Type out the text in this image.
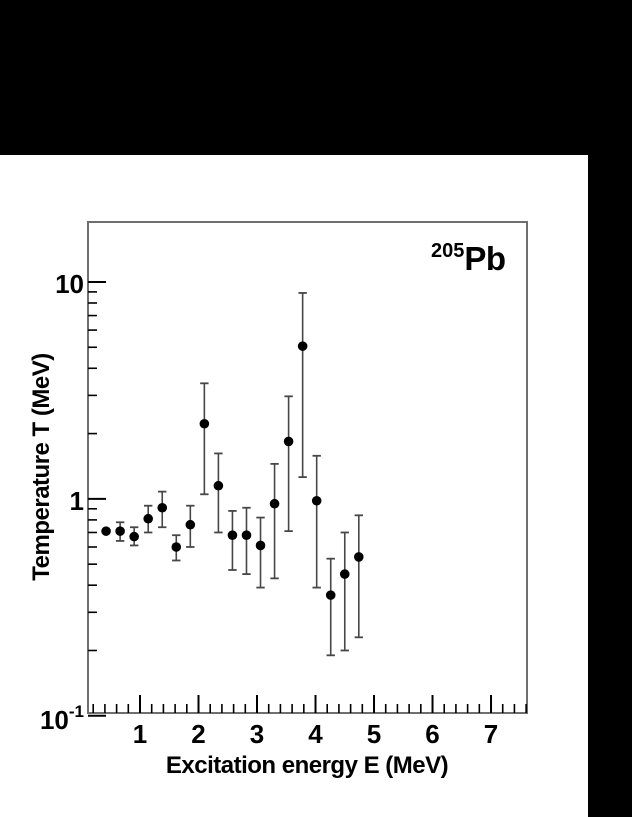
1 2 3 4 5 6 7
$10^{-1}$
1
10
Temperature T (MeV)
Excitation energy E (MeV)
205Pb
